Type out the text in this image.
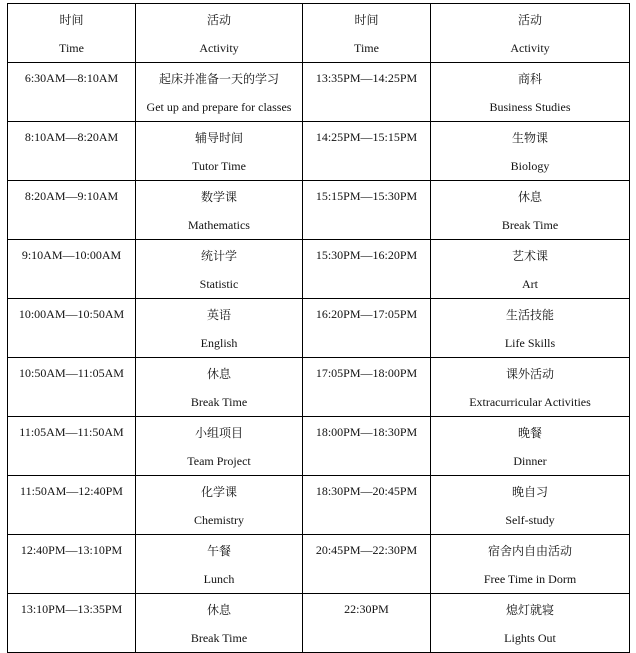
时间
Time	活动
Activity	时间
Time	活动
Activity

6:30AM—8:10AM	起床并准备一天的学习
Get up and prepare for classes	13:35PM—14:25PM	商科
Business Studies

8:10AM—8:20AM	辅导时间
Tutor Time	14:25PM—15:15PM	生物课
Biology

8:20AM—9:10AM	数学课
Mathematics	15:15PM—15:30PM	休息
Break Time

9:10AM—10:00AM	统计学
Statistic	15:30PM—16:20PM	艺术课
Art

10:00AM—10:50AM	英语
English	16:20PM—17:05PM	生活技能
Life Skills

10:50AM—11:05AM	休息
Break Time	17:05PM—18:00PM	课外活动
Extracurricular Activities

11:05AM—11:50AM	小组项目
Team Project	18:00PM—18:30PM	晚餐
Dinner

11:50AM—12:40PM	化学课
Chemistry	18:30PM—20:45PM	晚自习
Self-study

12:40PM—13:10PM	午餐
Lunch	20:45PM—22:30PM	宿舍内自由活动
Free Time in Dorm

13:10PM—13:35PM	休息
Break Time	22:30PM	熄灯就寝
Lights Out
